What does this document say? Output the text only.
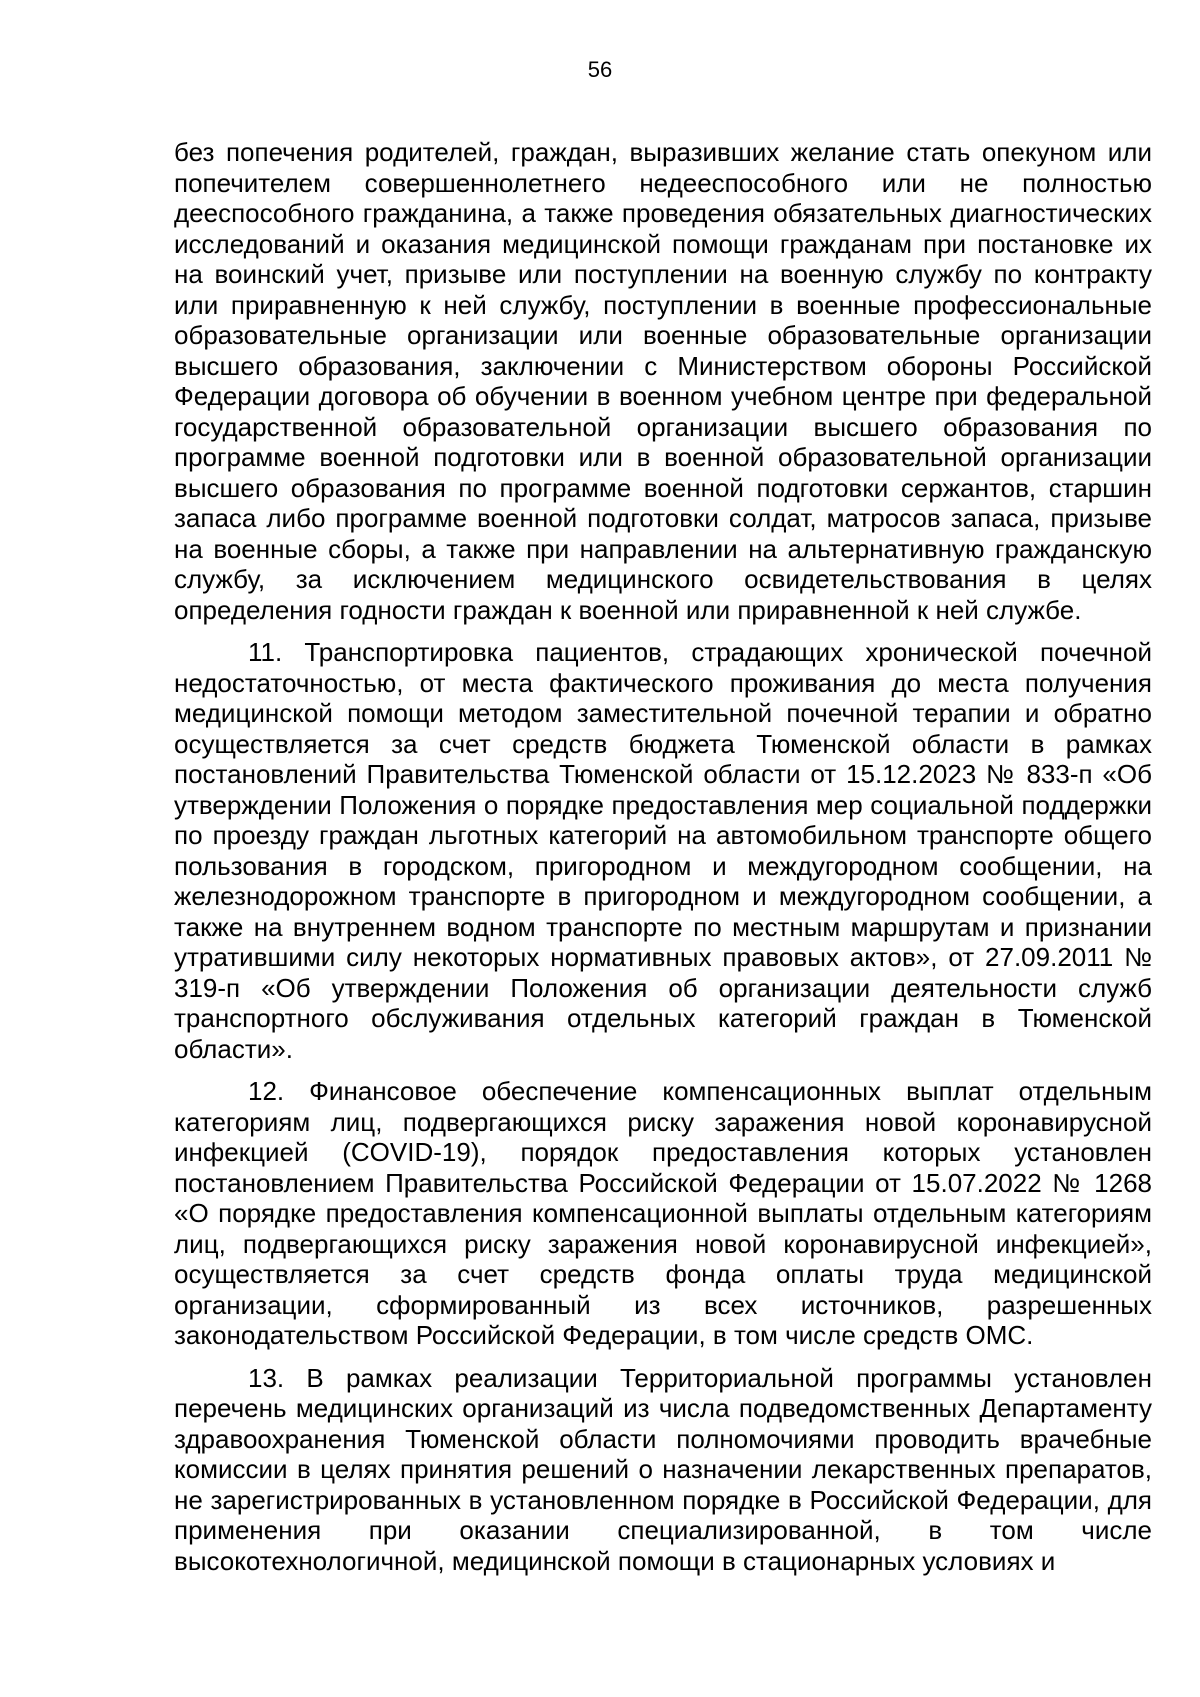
56

без попечения родителей, граждан, выразивших желание стать опекуном или попечителем совершеннолетнего недееспособного или не полностью дееспособного гражданина, а также проведения обязательных диагностических исследований и оказания медицинской помощи гражданам при постановке их на воинский учет, призыве или поступлении на военную службу по контракту или приравненную к ней службу, поступлении в военные профессиональные образовательные организации или военные образовательные организации высшего образования, заключении с Министерством обороны Российской Федерации договора об обучении в военном учебном центре при федеральной государственной образовательной организации высшего образования по программе военной подготовки или в военной образовательной организации высшего образования по программе военной подготовки сержантов, старшин запаса либо программе военной подготовки солдат, матросов запаса, призыве на военные сборы, а также при направлении на альтернативную гражданскую службу, за исключением медицинского освидетельствования в целях определения годности граждан к военной или приравненной к ней службе.

11. Транспортировка пациентов, страдающих хронической почечной недостаточностью, от места фактического проживания до места получения медицинской помощи методом заместительной почечной терапии и обратно осуществляется за счет средств бюджета Тюменской области в рамках постановлений Правительства Тюменской области от 15.12.2023 № 833-п «Об утверждении Положения о порядке предоставления мер социальной поддержки по проезду граждан льготных категорий на автомобильном транспорте общего пользования в городском, пригородном и междугородном сообщении, на железнодорожном транспорте в пригородном и междугородном сообщении, а также на внутреннем водном транспорте по местным маршрутам и признании утратившими силу некоторых нормативных правовых актов», от 27.09.2011 № 319-п «Об утверждении Положения об организации деятельности служб транспортного обслуживания отдельных категорий граждан в Тюменской области».

12. Финансовое обеспечение компенсационных выплат отдельным категориям лиц, подвергающихся риску заражения новой коронавирусной инфекцией (COVID-19), порядок предоставления которых установлен постановлением Правительства Российской Федерации от 15.07.2022 № 1268 «О порядке предоставления компенсационной выплаты отдельным категориям лиц, подвергающихся риску заражения новой коронавирусной инфекцией», осуществляется за счет средств фонда оплаты труда медицинской организации, сформированный из всех источников, разрешенных законодательством Российской Федерации, в том числе средств ОМС.

13. В рамках реализации Территориальной программы установлен перечень медицинских организаций из числа подведомственных Департаменту здравоохранения Тюменской области полномочиями проводить врачебные комиссии в целях принятия решений о назначении лекарственных препаратов, не зарегистрированных в установленном порядке в Российской Федерации, для применения при оказании специализированной, в том числе высокотехнологичной, медицинской помощи в стационарных условиях и
